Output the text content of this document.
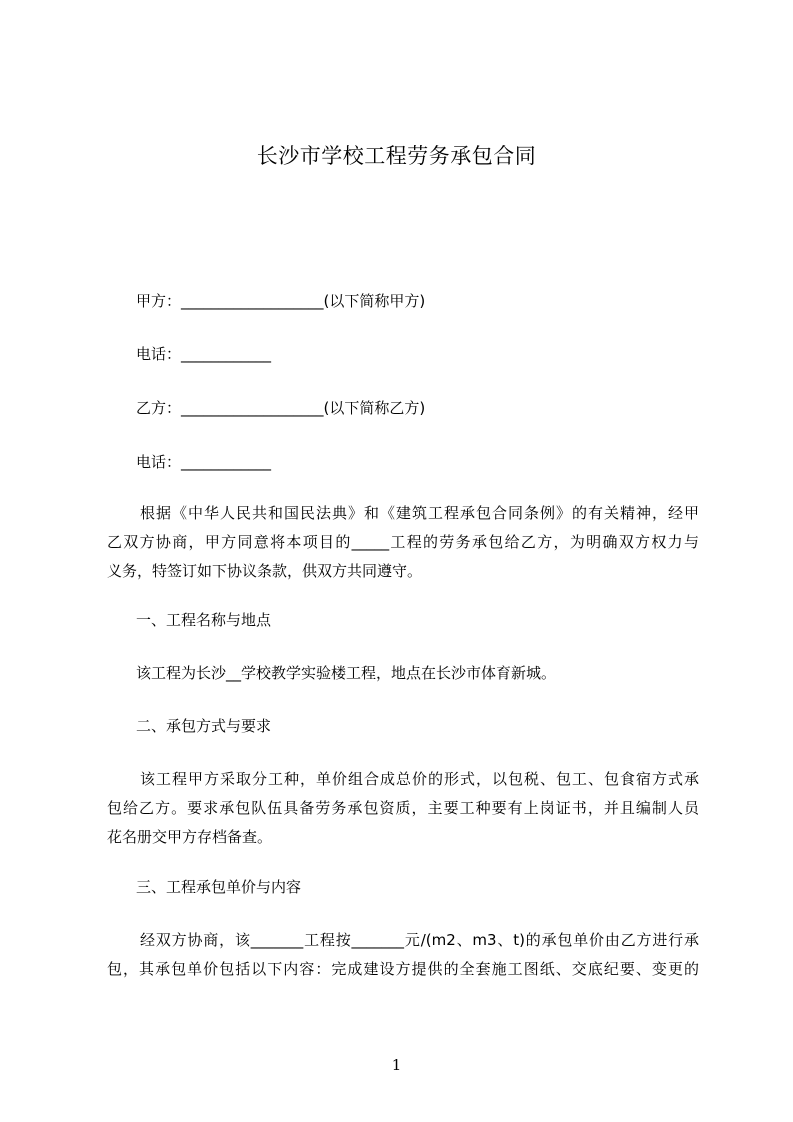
长沙市学校工程劳务承包合同
甲方：___________________(以下简称甲方)
电话：____________
乙方：___________________(以下简称乙方)
电话：____________
根据《中华人民共和国民法典》和《建筑工程承包合同条例》的有关精神，经甲
乙双方协商，甲方同意将本项目的_____工程的劳务承包给乙方，为明确双方权力与
义务，特签订如下协议条款，供双方共同遵守。
一、工程名称与地点
该工程为长沙__学校教学实验楼工程，地点在长沙市体育新城。
二、承包方式与要求
该工程甲方采取分工种，单价组合成总价的形式，以包税、包工、包食宿方式承
包给乙方。要求承包队伍具备劳务承包资质，主要工种要有上岗证书，并且编制人员
花名册交甲方存档备查。
三、工程承包单价与内容
经双方协商，该_______工程按_______元/(m2、m3、t)的承包单价由乙方进行承
包，其承包单价包括以下内容：完成建设方提供的全套施工图纸、交底纪要、变更的
1
